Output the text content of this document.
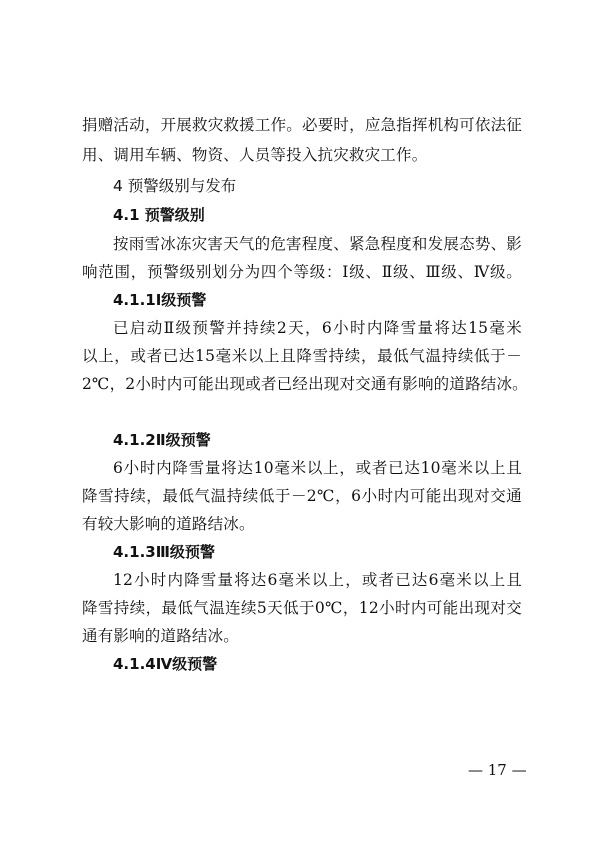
捐赠活动，开展救灾救援工作。必要时，应急指挥机构可依法征
用、调用车辆、物资、人员等投入抗灾救灾工作。
4 预警级别与发布
4.1 预警级别
按雨雪冰冻灾害天气的危害程度、紧急程度和发展态势、影
响范围，预警级别划分为四个等级：Ⅰ级、Ⅱ级、Ⅲ级、Ⅳ级。
4.1.1Ⅰ级预警
已启动Ⅱ级预警并持续2天，6小时内降雪量将达15毫米
以上，或者已达15毫米以上且降雪持续，最低气温持续低于－
2℃，2小时内可能出现或者已经出现对交通有影响的道路结冰。
4.1.2Ⅱ级预警
6小时内降雪量将达10毫米以上，或者已达10毫米以上且
降雪持续，最低气温持续低于－2℃，6小时内可能出现对交通
有较大影响的道路结冰。
4.1.3Ⅲ级预警
12小时内降雪量将达6毫米以上，或者已达6毫米以上且
降雪持续，最低气温连续5天低于0℃，12小时内可能出现对交
通有影响的道路结冰。
4.1.4Ⅳ级预警
— 17 —
